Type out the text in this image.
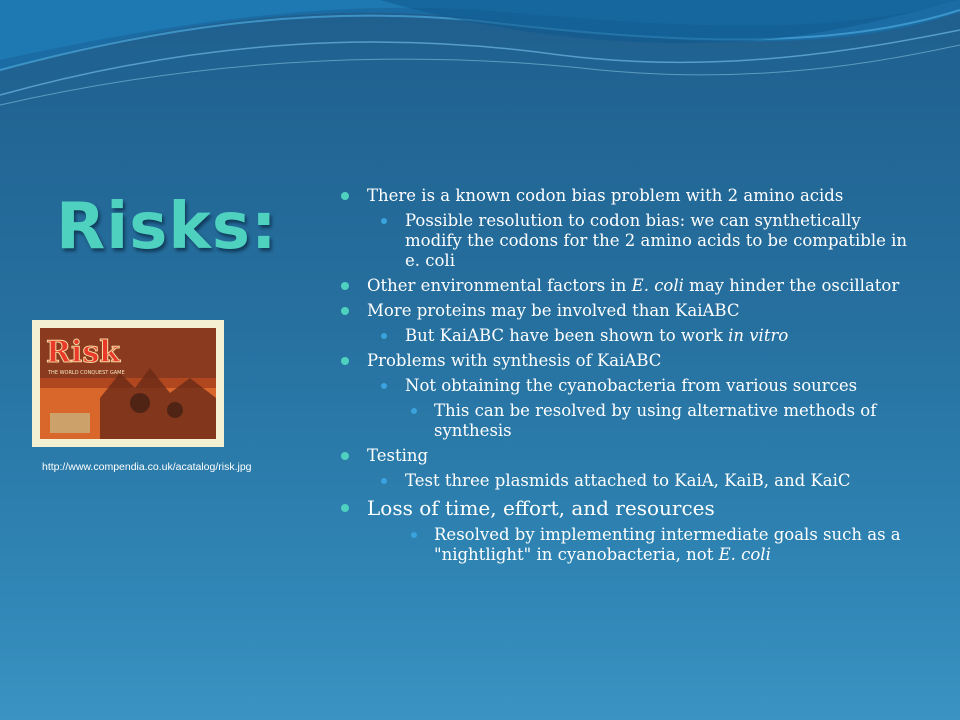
Risks:
Risk
THE WORLD CONQUEST GAME
http://www.compendia.co.uk/acatalog/risk.jpg
There is a known codon bias problem with 2 amino acids
Possible resolution to codon bias: we can synthetically modify the codons for the 2 amino acids to be compatible in e. coli
Other environmental factors in E. coli may hinder the oscillator
More proteins may be involved than KaiABC
But KaiABC have been shown to work in vitro
Problems with synthesis of KaiABC
Not obtaining the cyanobacteria from various sources
This can be resolved by using alternative methods of synthesis
Testing
Test three plasmids attached to KaiA, KaiB, and KaiC
Loss of time, effort, and resources
Resolved by implementing intermediate goals such as a "nightlight" in cyanobacteria, not E. coli
